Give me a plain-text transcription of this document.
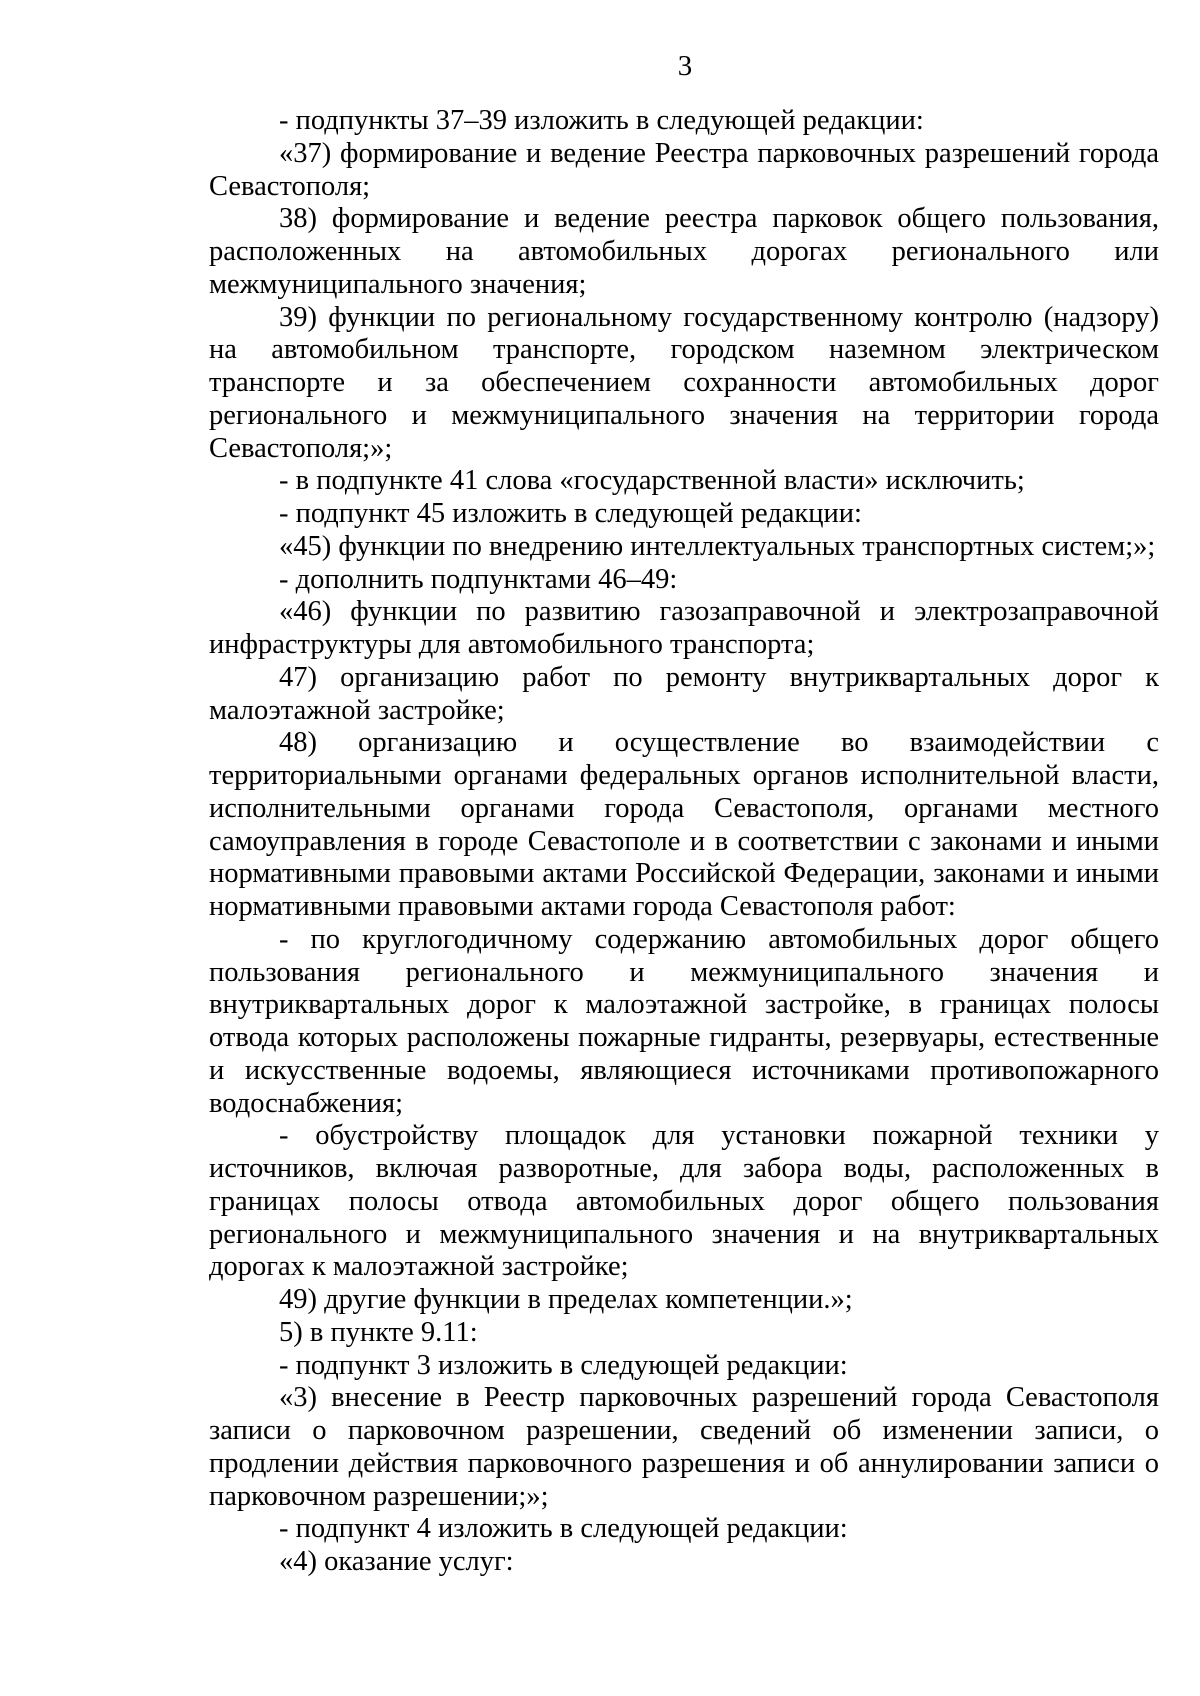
3

- подпункты 37–39 изложить в следующей редакции:

«37) формирование и ведение Реестра парковочных разрешений города Севастополя;

38) формирование и ведение реестра парковок общего пользования, расположенных на автомобильных дорогах регионального или межмуниципального значения;

39) функции по региональному государственному контролю (надзору) на автомобильном транспорте, городском наземном электрическом транспорте и за обеспечением сохранности автомобильных дорог регионального и межмуниципального значения на территории города Севастополя;»;

- в подпункте 41 слова «государственной власти» исключить;

- подпункт 45 изложить в следующей редакции:

«45) функции по внедрению интеллектуальных транспортных систем;»;

- дополнить подпунктами 46–49:

«46) функции по развитию газозаправочной и электрозаправочной инфраструктуры для автомобильного транспорта;

47) организацию работ по ремонту внутриквартальных дорог к малоэтажной застройке;

48) организацию и осуществление во взаимодействии с территориальными органами федеральных органов исполнительной власти, исполнительными органами города Севастополя, органами местного самоуправления в городе Севастополе и в соответствии с законами и иными нормативными правовыми актами Российской Федерации, законами и иными нормативными правовыми актами города Севастополя работ:

- по круглогодичному содержанию автомобильных дорог общего пользования регионального и межмуниципального значения и внутриквартальных дорог к малоэтажной застройке, в границах полосы отвода которых расположены пожарные гидранты, резервуары, естественные и искусственные водоемы, являющиеся источниками противопожарного водоснабжения;

- обустройству площадок для установки пожарной техники у источников, включая разворотные, для забора воды, расположенных в границах полосы отвода автомобильных дорог общего пользования регионального и межмуниципального значения и на внутриквартальных дорогах к малоэтажной застройке;

49) другие функции в пределах компетенции.»;

5) в пункте 9.11:

- подпункт 3 изложить в следующей редакции:

«3) внесение в Реестр парковочных разрешений города Севастополя записи о парковочном разрешении, сведений об изменении записи, о продлении действия парковочного разрешения и об аннулировании записи о парковочном разрешении;»;

- подпункт 4 изложить в следующей редакции:

«4) оказание услуг:
